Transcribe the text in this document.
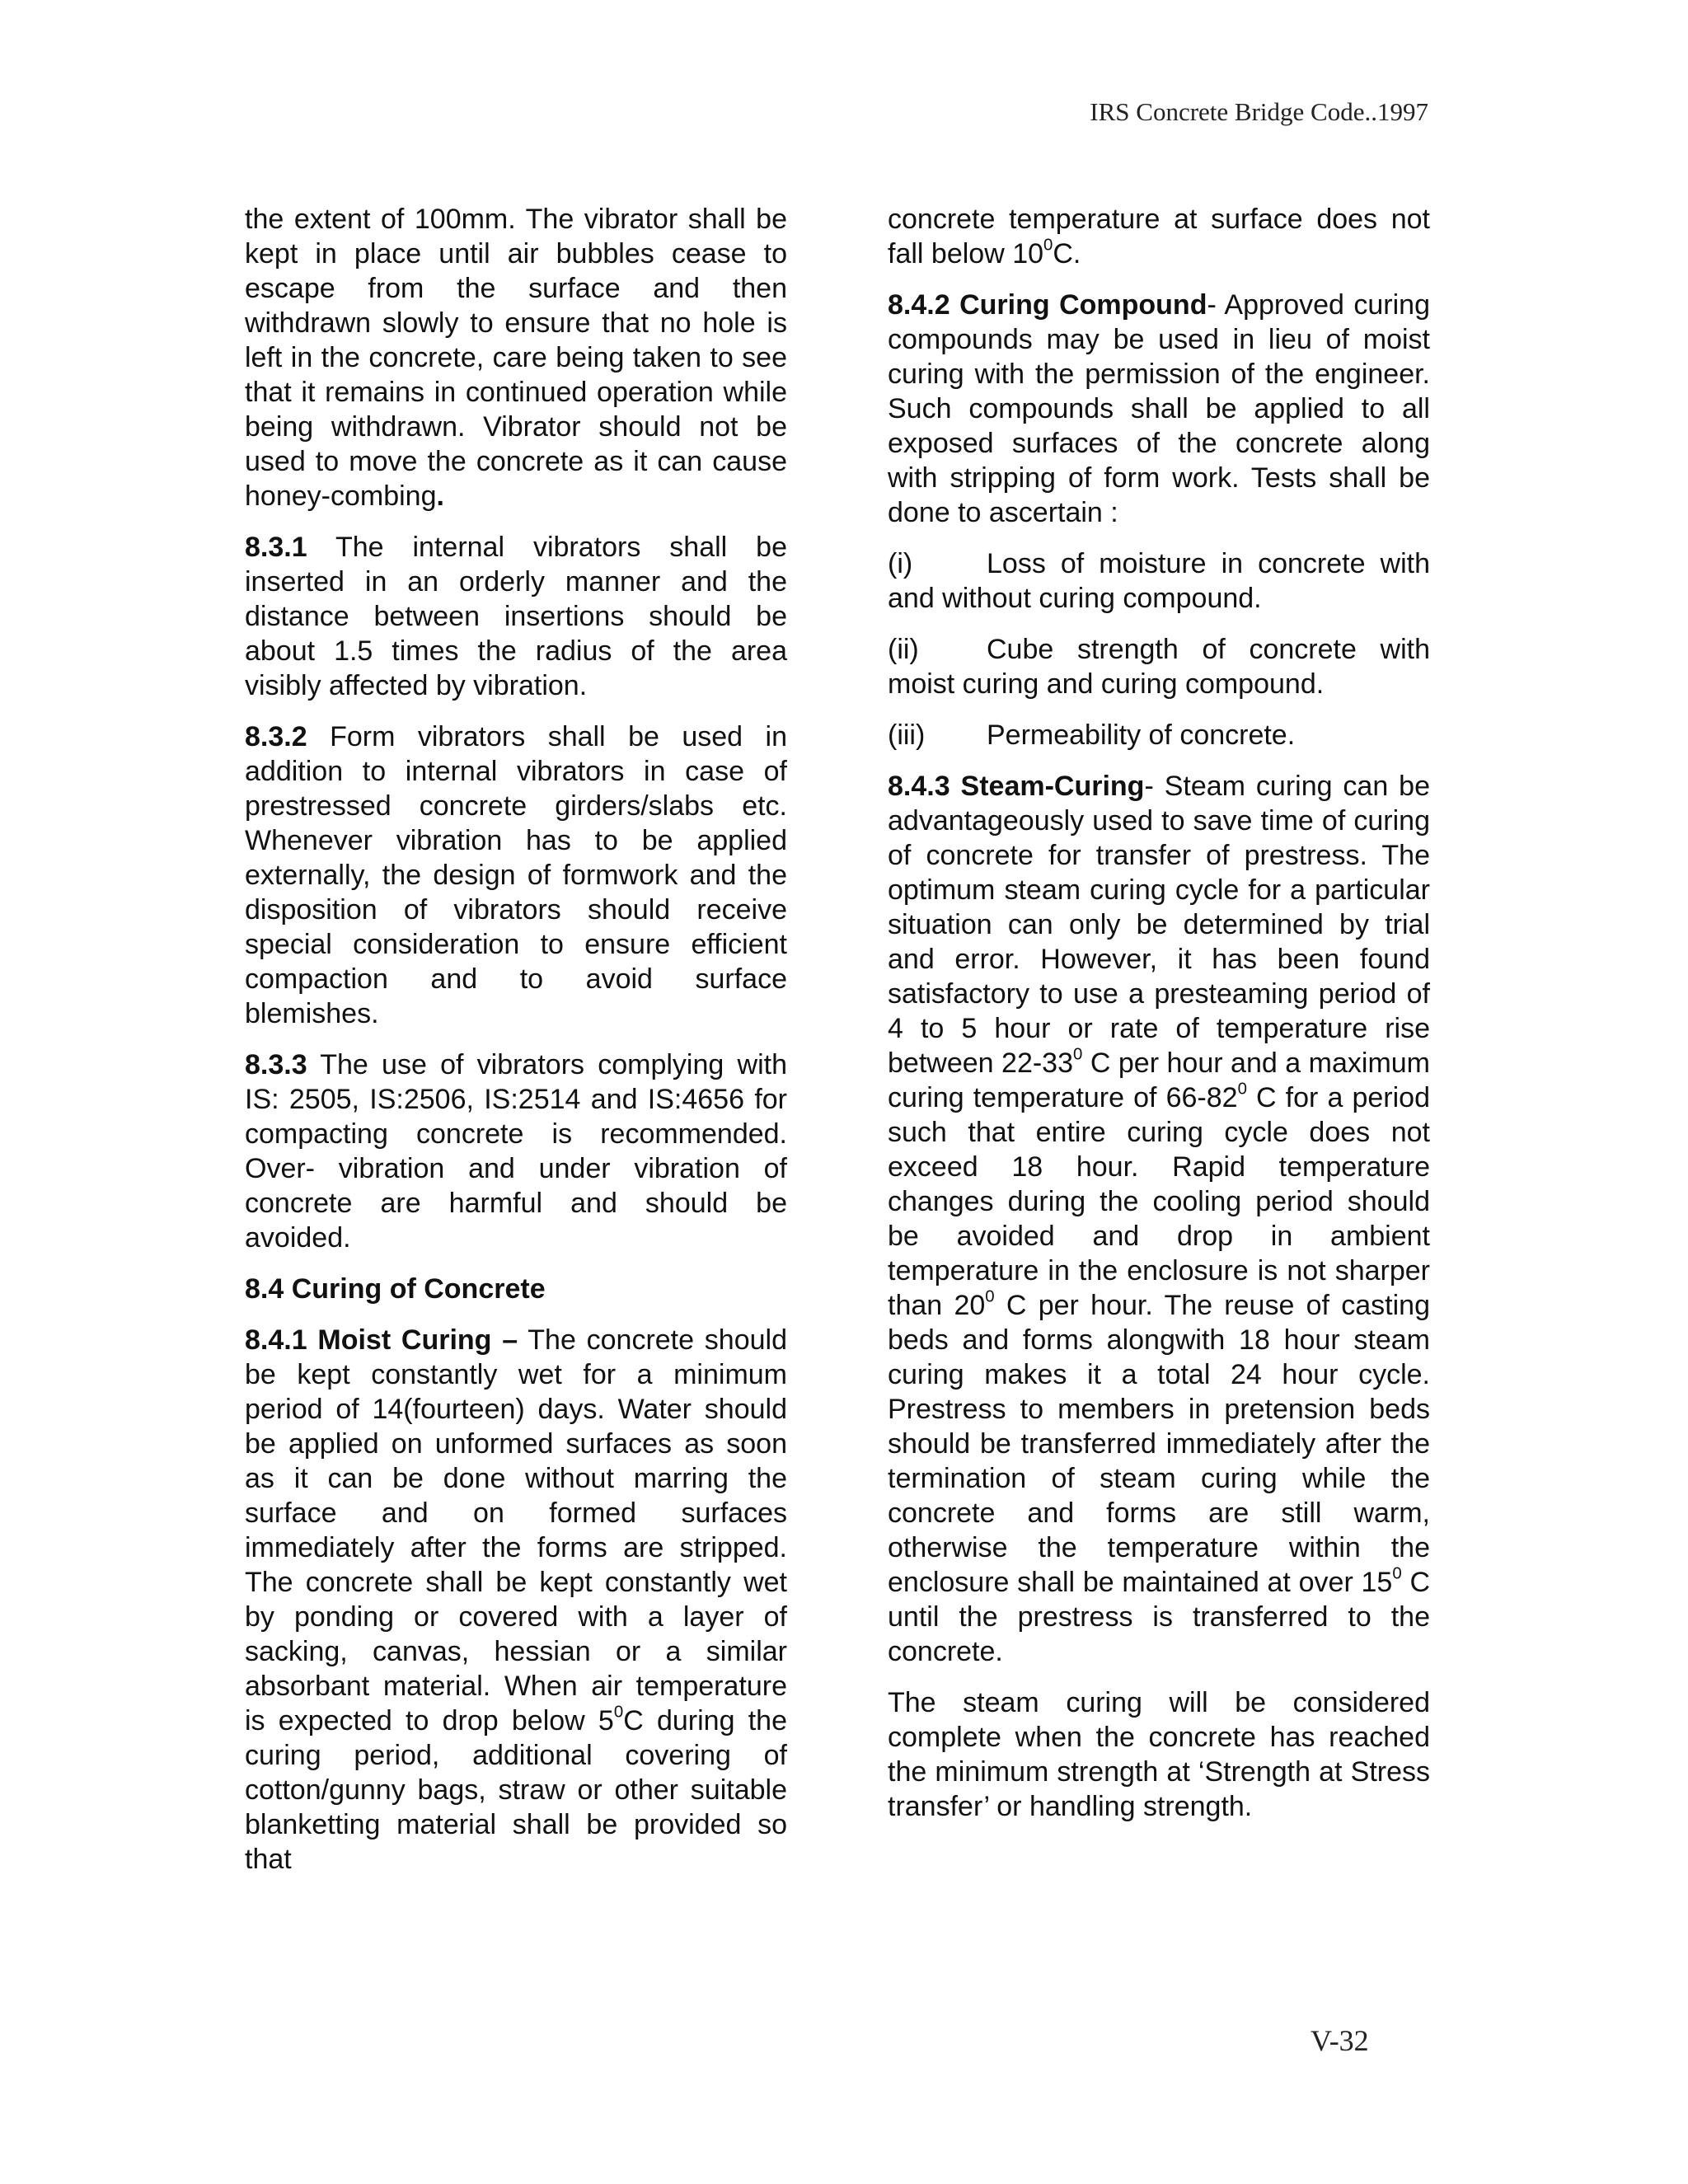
IRS Concrete Bridge Code..1997

the extent of 100mm. The vibrator shall be kept in place until air bubbles cease to escape from the surface and then withdrawn slowly to ensure that no hole is left in the concrete, care being taken to see that it remains in continued operation while being withdrawn. Vibrator should not be used to move the concrete as it can cause honey-combing.

8.3.1 The internal vibrators shall be inserted in an orderly manner and the distance between insertions should be about 1.5 times the radius of the area visibly affected by vibration.

8.3.2 Form vibrators shall be used in addition to internal vibrators in case of prestressed concrete girders/slabs etc. Whenever vibration has to be applied externally, the design of formwork and the disposition of vibrators should receive special consideration to ensure efficient compaction and to avoid surface blemishes.

8.3.3 The use of vibrators complying with IS: 2505, IS:2506, IS:2514 and IS:4656 for compacting concrete is recommended. Over- vibration and under vibration of concrete are harmful and should be avoided.

8.4 Curing of Concrete

8.4.1 Moist Curing – The concrete should be kept constantly wet for a minimum period of 14(fourteen) days. Water should be applied on unformed surfaces as soon as it can be done without marring the surface and on formed surfaces immediately after the forms are stripped. The concrete shall be kept constantly wet by ponding or covered with a layer of sacking, canvas, hessian or a similar absorbant material. When air temperature is expected to drop below $5^0C$ during the curing period, additional covering of cotton/gunny bags, straw or other suitable blanketting material shall be provided so that

concrete temperature at surface does not fall below $10^0C$.

8.4.2 Curing Compound- Approved curing compounds may be used in lieu of moist curing with the permission of the engineer. Such compounds shall be applied to all exposed surfaces of the concrete along with stripping of form work. Tests shall be done to ascertain :

(i)	Loss of moisture in concrete with and without curing compound.

(ii) Cube strength of concrete with moist curing and curing compound.

(iii) Permeability of concrete.

8.4.3 Steam-Curing- Steam curing can be advantageously used to save time of curing of concrete for transfer of prestress. The optimum steam curing cycle for a particular situation can only be determined by trial and error. However, it has been found satisfactory to use a presteaming period of 4 to 5 hour or rate of temperature rise between $22-33^0$ C per hour and a maximum curing temperature of $66-82^0$ C for a period such that entire curing cycle does not exceed 18 hour. Rapid temperature changes during the cooling period should be avoided and drop in ambient temperature in the enclosure is not sharper than $20^0$ C per hour. The reuse of casting beds and forms alongwith 18 hour steam curing makes it a total 24 hour cycle. Prestress to members in pretension beds should be transferred immediately after the termination of steam curing while the concrete and forms are still warm, otherwise the temperature within the enclosure shall be maintained at over $15^0$ C until the prestress is transferred to the concrete.

The steam curing will be considered complete when the concrete has reached the minimum strength at ‘Strength at Stress transfer’ or handling strength.

V-32
